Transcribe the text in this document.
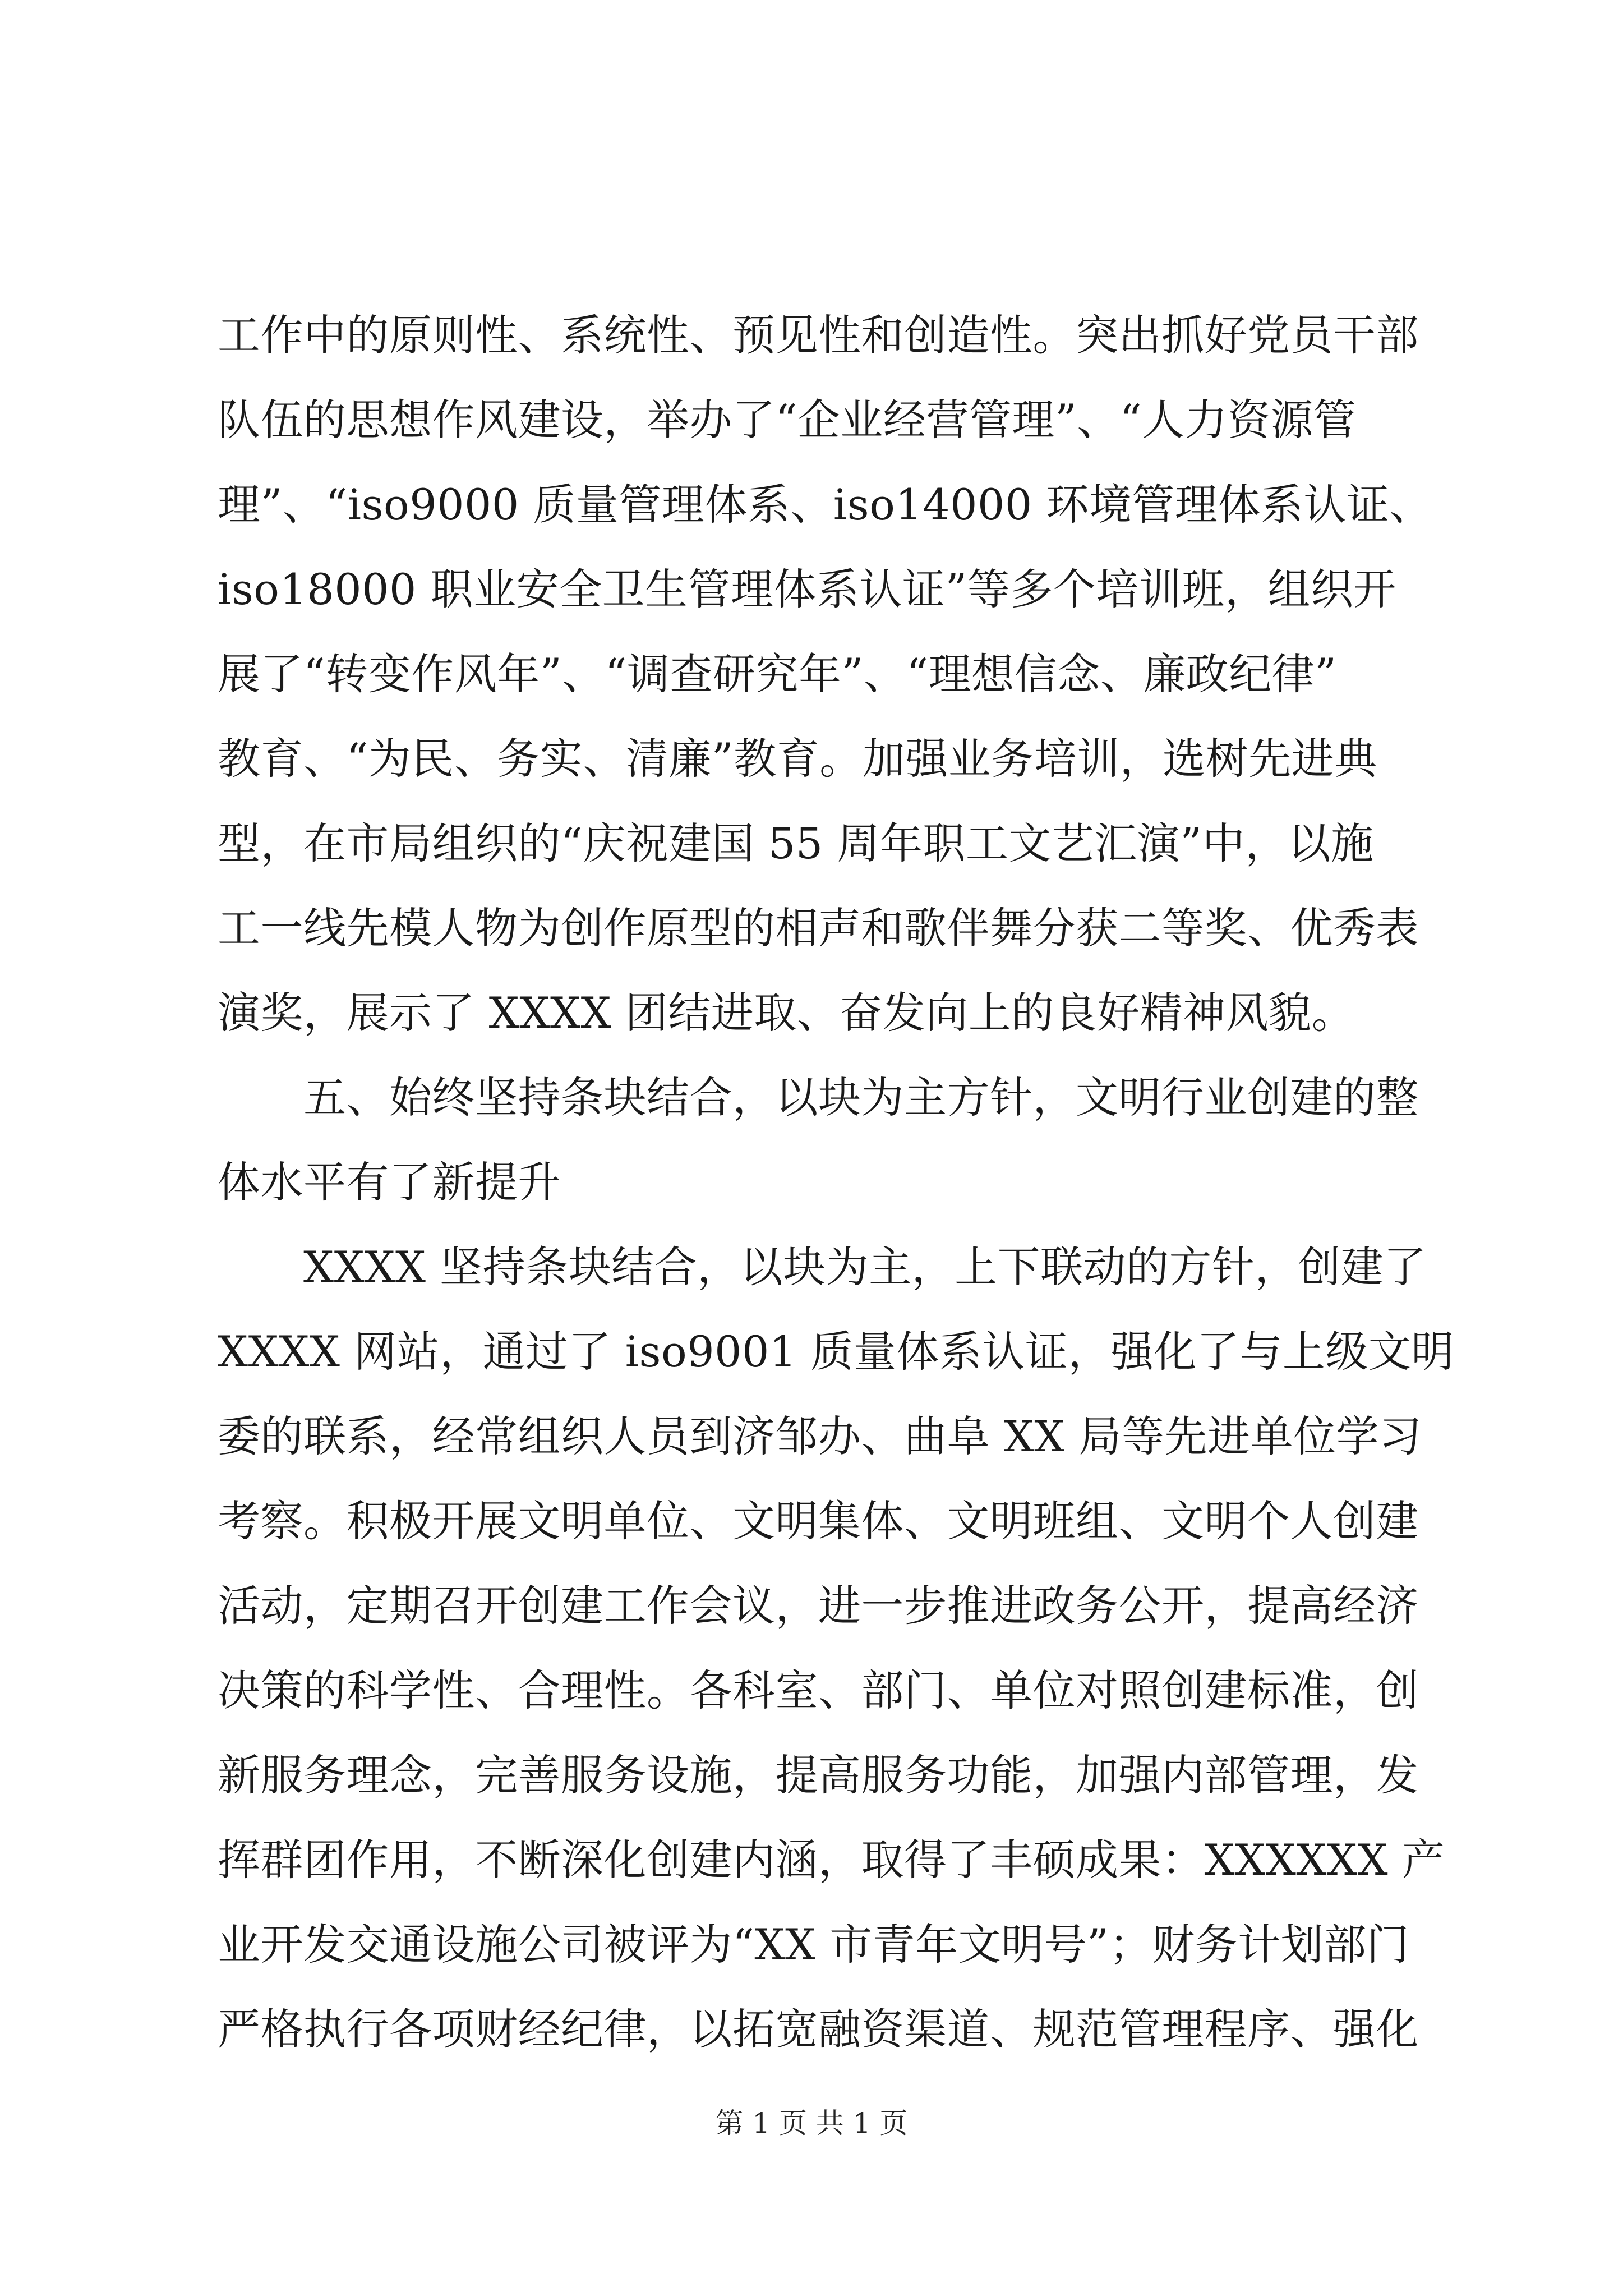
工作中的原则性、系统性、预见性和创造性。突出抓好党员干部
队伍的思想作风建设，举办了“企业经营管理”、“人力资源管
理”、“iso9000 质量管理体系、iso14000 环境管理体系认证、
iso18000 职业安全卫生管理体系认证”等多个培训班，组织开
展了“转变作风年”、“调查研究年”、“理想信念、廉政纪律”
教育、“为民、务实、清廉”教育。加强业务培训，选树先进典
型，在市局组织的“庆祝建国 55 周年职工文艺汇演”中，以施
工一线先模人物为创作原型的相声和歌伴舞分获二等奖、优秀表
演奖，展示了 XXXX 团结进取、奋发向上的良好精神风貌。
　　五、始终坚持条块结合，以块为主方针，文明行业创建的整
体水平有了新提升
　　XXXX 坚持条块结合，以块为主，上下联动的方针，创建了
XXXX 网站，通过了 iso9001 质量体系认证，强化了与上级文明
委的联系，经常组织人员到济邹办、曲阜 XX 局等先进单位学习
考察。积极开展文明单位、文明集体、文明班组、文明个人创建
活动，定期召开创建工作会议，进一步推进政务公开，提高经济
决策的科学性、合理性。各科室、部门、单位对照创建标准，创
新服务理念，完善服务设施，提高服务功能，加强内部管理，发
挥群团作用，不断深化创建内涵，取得了丰硕成果：XXXXXX 产
业开发交通设施公司被评为“XX 市青年文明号”；财务计划部门
严格执行各项财经纪律，以拓宽融资渠道、规范管理程序、强化
第 1 页 共 1 页
